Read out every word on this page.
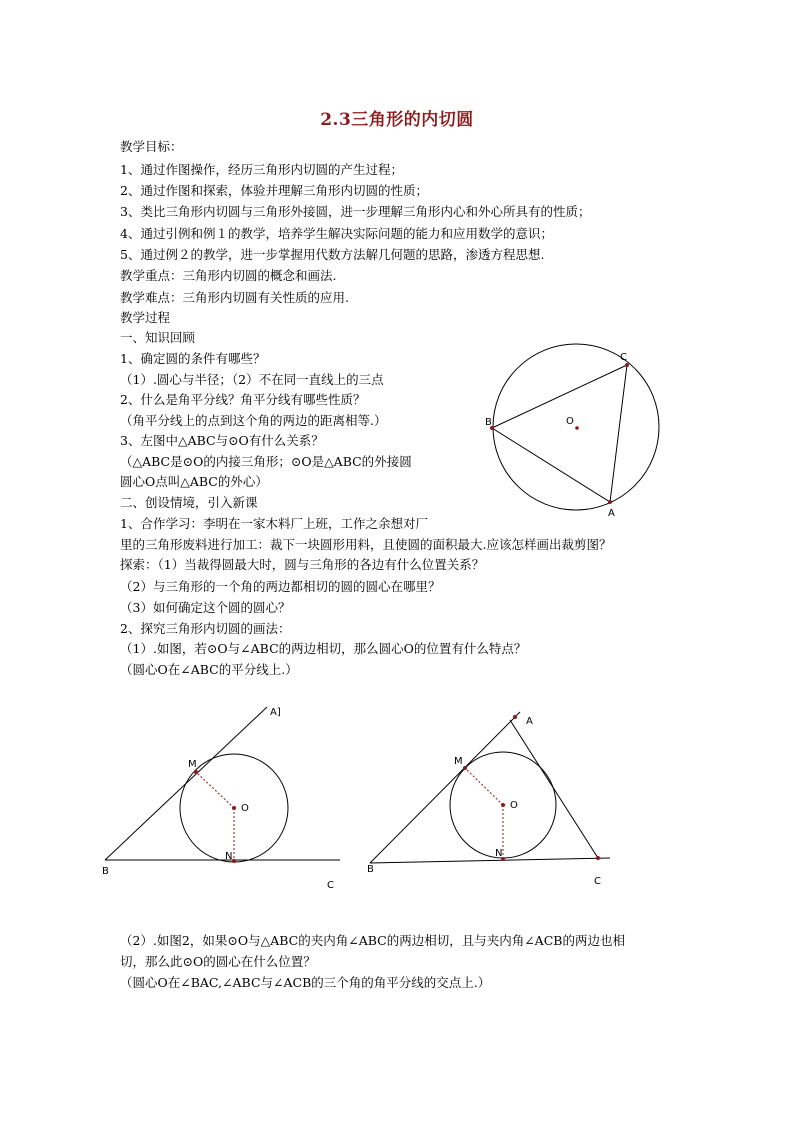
2.3三角形的内切圆
教学目标：
1、通过作图操作，经历三角形内切圆的产生过程；
2、通过作图和探索，体验并理解三角形内切圆的性质；
3、类比三角形内切圆与三角形外接圆，进一步理解三角形内心和外心所具有的性质；
4、通过引例和例１的教学，培养学生解决实际问题的能力和应用数学的意识；
5、通过例２的教学，进一步掌握用代数方法解几何题的思路，渗透方程思想.
教学重点：三角形内切圆的概念和画法.
教学难点：三角形内切圆有关性质的应用.
教学过程
一、知识回顾
1、确定圆的条件有哪些？
（1）.圆心与半径；（2）不在同一直线上的三点
2、什么是角平分线？角平分线有哪些性质？
（角平分线上的点到这个角的两边的距离相等.）
3、左图中△ABC与⊙O有什么关系？
（△ABC是⊙O的内接三角形；⊙O是△ABC的外接圆
圆心O点叫△ABC的外心）
二、创设情境，引入新课
1、合作学习：李明在一家木料厂上班，工作之余想对厂
里的三角形废料进行加工：裁下一块圆形用料，且使圆的面积最大.应该怎样画出裁剪图？
探索：（1）当裁得圆最大时，圆与三角形的各边有什么位置关系？
（2）与三角形的一个角的两边都相切的圆的圆心在哪里？
（3）如何确定这个圆的圆心？
2、探究三角形内切圆的画法：
（1）.如图，若⊙O与∠ABC的两边相切，那么圆心O的位置有什么特点？
（圆心O在∠ABC的平分线上.）
C
A
B	O
A]
M
O
N
B
C
A
M
O
N
B
C
（2）.如图2，如果⊙O与△ABC的夹内角∠ABC的两边相切，且与夹内角∠ACB的两边也相
切，那么此⊙O的圆心在什么位置？
（圆心O在∠BAC,∠ABC与∠ACB的三个角的角平分线的交点上.）
